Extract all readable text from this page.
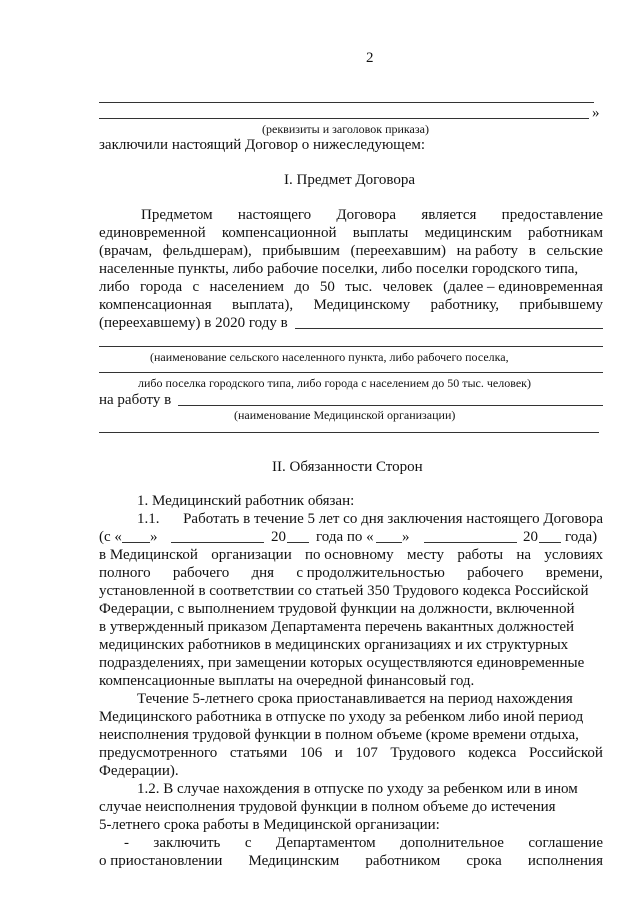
2
»
(реквизиты и заголовок приказа)
заключили настоящий Договор о нижеследующем:
I. Предмет Договора
Предметом настоящего Договора является предоставление
единовременной компенсационной выплаты медицинским работникам
(врачам, фельдшерам), прибывшим (переехавшим) на работу в сельские
населенные пункты, либо рабочие поселки, либо поселки городского типа,
либо города с населением до 50 тыс. человек (далее – единовременная
компенсационная выплата), Медицинскому работнику, прибывшему
(переехавшему) в 2020 году в
(наименование сельского населенного пункта, либо рабочего поселка,
либо поселка городского типа, либо города с населением до 50 тыс. человек)
на работу в
(наименование Медицинской организации)
II. Обязанности Сторон
1. Медицинский работник обязан:
1.1. Работать в течение 5 лет со дня заключения настоящего Договора
(с « »	20 года по « »	20 года)
в Медицинской организации по основному месту работы на условиях
полного рабочего дня с продолжительностью рабочего времени,
установленной в соответствии со статьей 350 Трудового кодекса Российской
Федерации, с выполнением трудовой функции на должности, включенной
в утвержденный приказом Департамента перечень вакантных должностей
медицинских работников в медицинских организациях и их структурных
подразделениях, при замещении которых осуществляются единовременные
компенсационные выплаты на очередной финансовый год.
Течение 5-летнего срока приостанавливается на период нахождения
Медицинского работника в отпуске по уходу за ребенком либо иной период
неисполнения трудовой функции в полном объеме (кроме времени отдыха,
предусмотренного статьями 106 и 107 Трудового кодекса Российской
Федерации).
1.2. В случае нахождения в отпуске по уходу за ребенком или в ином
случае неисполнения трудовой функции в полном объеме до истечения
5-летнего срока работы в Медицинской организации:
- заключить с Департаментом дополнительное соглашение
о приостановлении Медицинским работником срока исполнения
